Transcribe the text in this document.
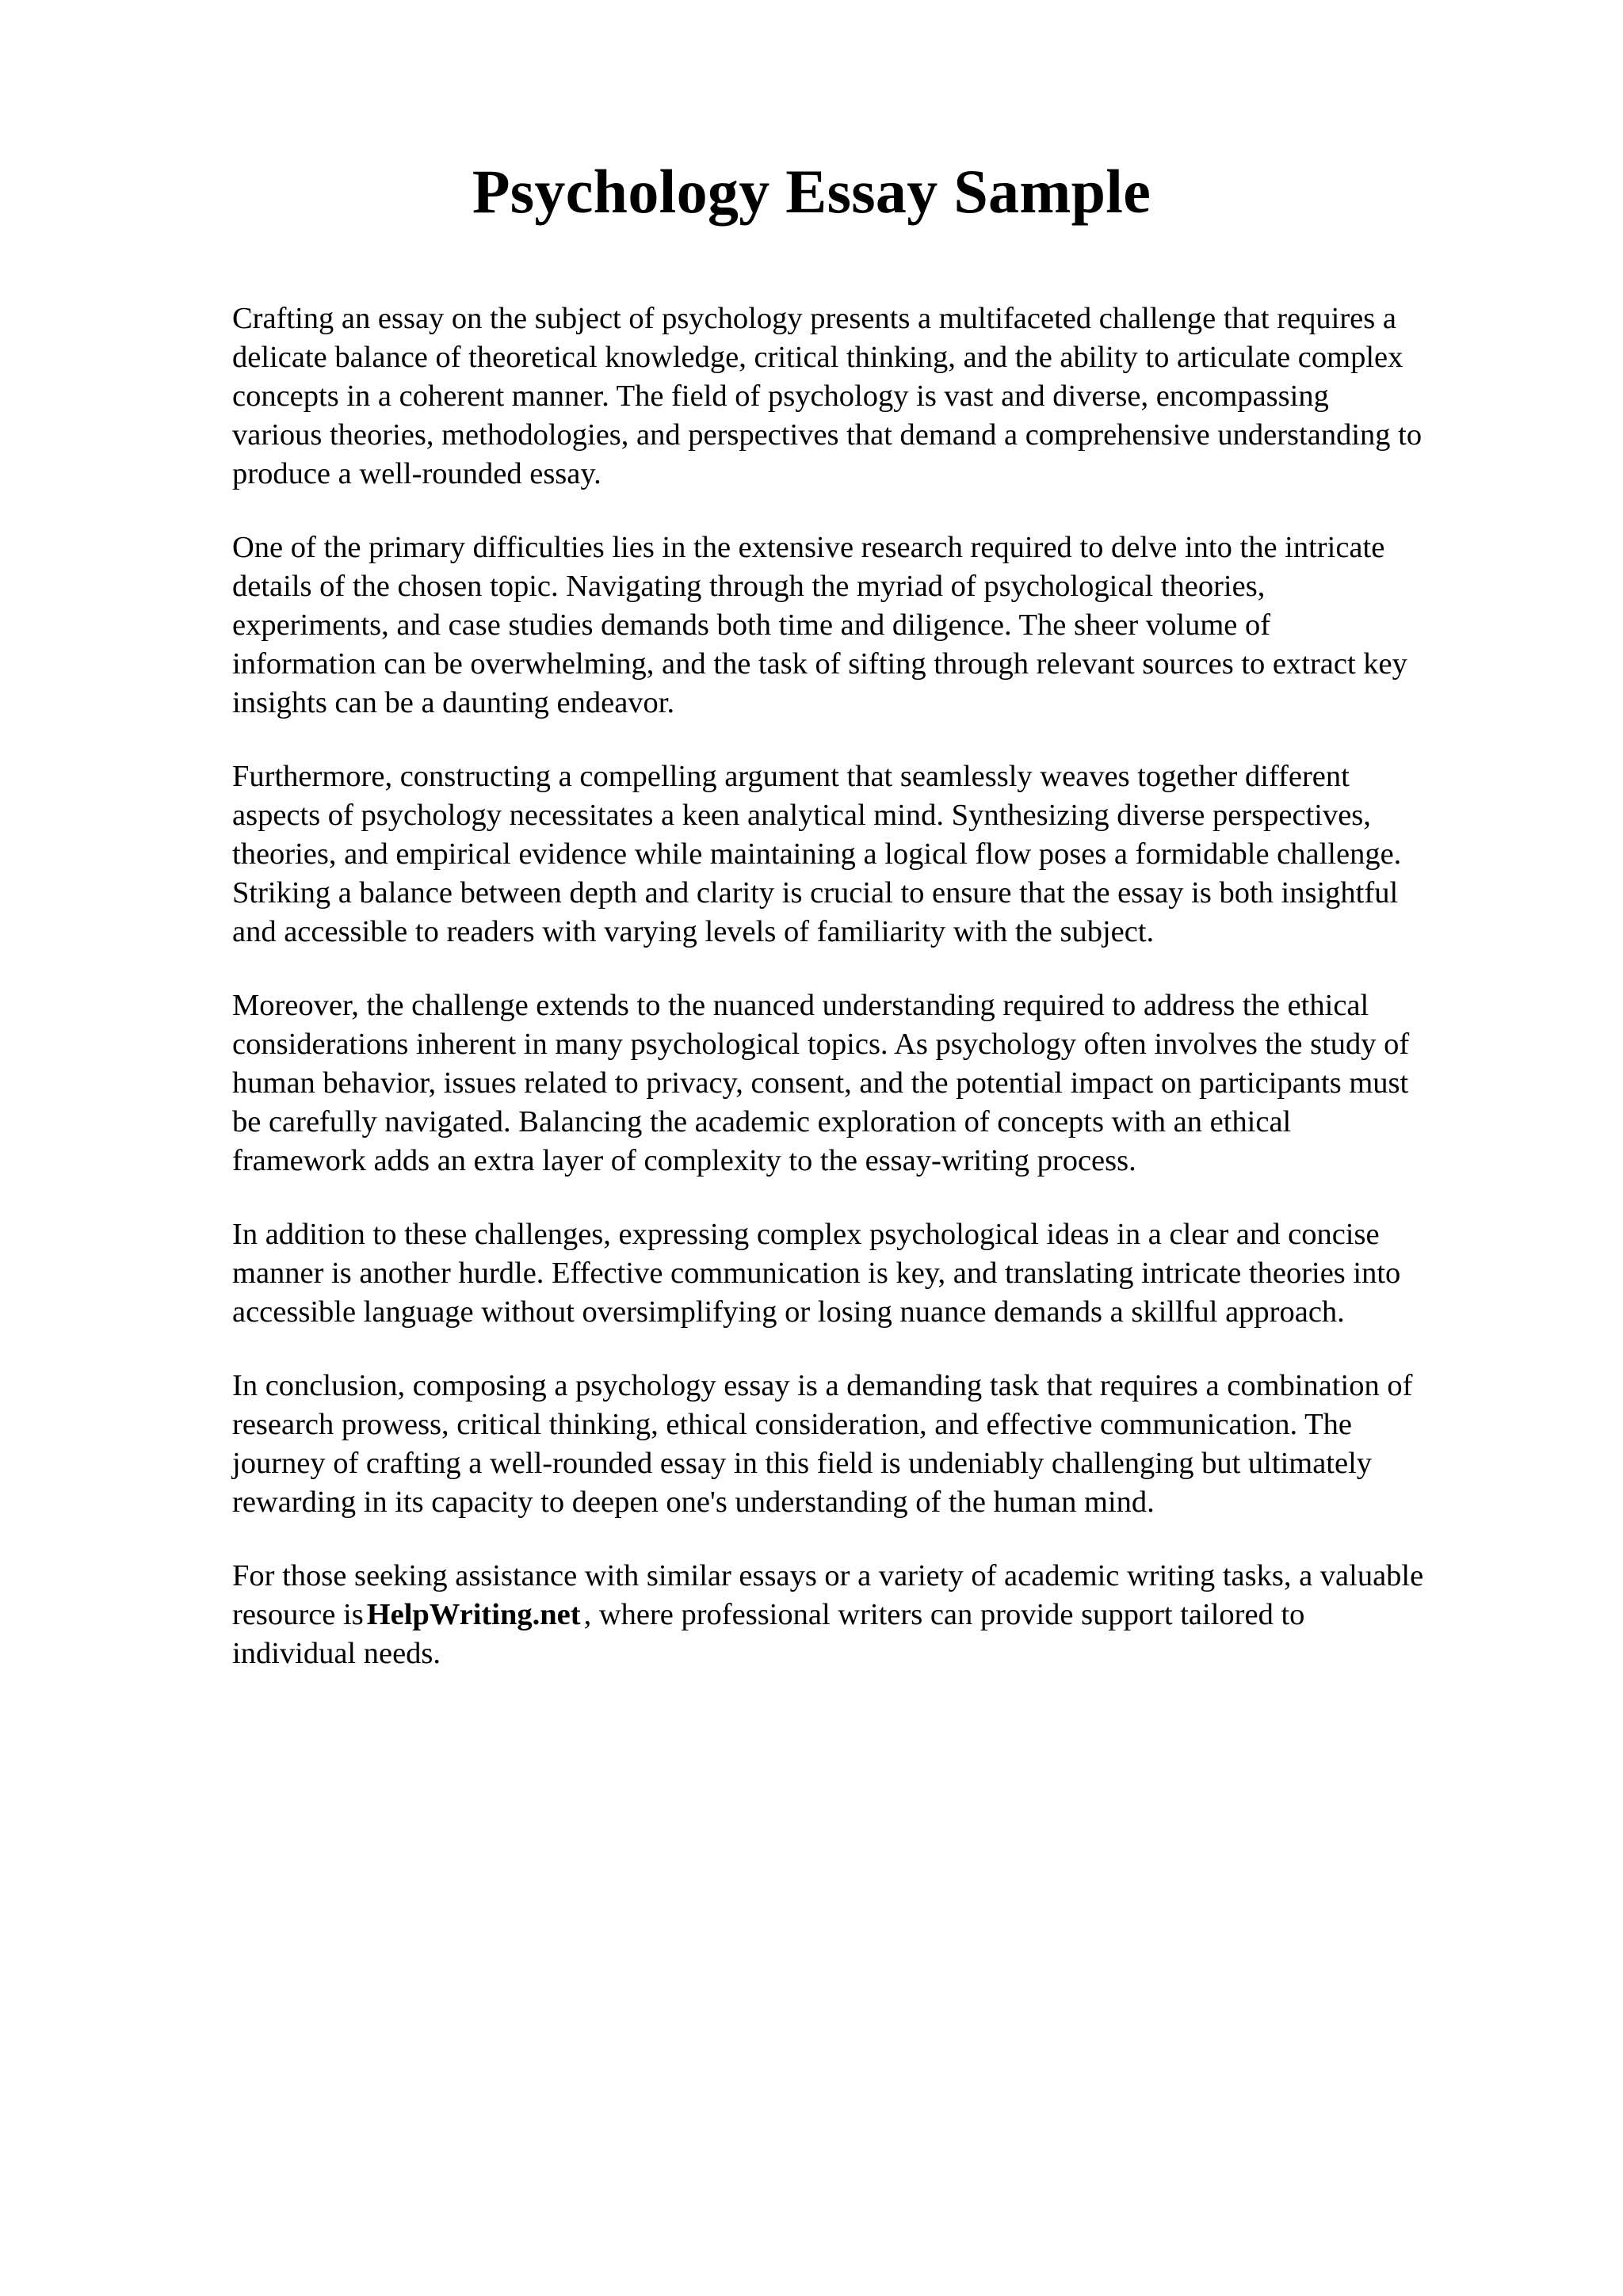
Psychology Essay Sample

Crafting an essay on the subject of psychology presents a multifaceted challenge that requires a
delicate balance of theoretical knowledge, critical thinking, and the ability to articulate complex
concepts in a coherent manner. The field of psychology is vast and diverse, encompassing
various theories, methodologies, and perspectives that demand a comprehensive understanding to
produce a well-rounded essay.

One of the primary difficulties lies in the extensive research required to delve into the intricate
details of the chosen topic. Navigating through the myriad of psychological theories,
experiments, and case studies demands both time and diligence. The sheer volume of
information can be overwhelming, and the task of sifting through relevant sources to extract key
insights can be a daunting endeavor.

Furthermore, constructing a compelling argument that seamlessly weaves together different
aspects of psychology necessitates a keen analytical mind. Synthesizing diverse perspectives,
theories, and empirical evidence while maintaining a logical flow poses a formidable challenge.
Striking a balance between depth and clarity is crucial to ensure that the essay is both insightful
and accessible to readers with varying levels of familiarity with the subject.

Moreover, the challenge extends to the nuanced understanding required to address the ethical
considerations inherent in many psychological topics. As psychology often involves the study of
human behavior, issues related to privacy, consent, and the potential impact on participants must
be carefully navigated. Balancing the academic exploration of concepts with an ethical
framework adds an extra layer of complexity to the essay-writing process.

In addition to these challenges, expressing complex psychological ideas in a clear and concise
manner is another hurdle. Effective communication is key, and translating intricate theories into
accessible language without oversimplifying or losing nuance demands a skillful approach.

In conclusion, composing a psychology essay is a demanding task that requires a combination of
research prowess, critical thinking, ethical consideration, and effective communication. The
journey of crafting a well-rounded essay in this field is undeniably challenging but ultimately
rewarding in its capacity to deepen one's understanding of the human mind.

For those seeking assistance with similar essays or a variety of academic writing tasks, a valuable
resource is HelpWriting.net , where professional writers can provide support tailored to
individual needs.
